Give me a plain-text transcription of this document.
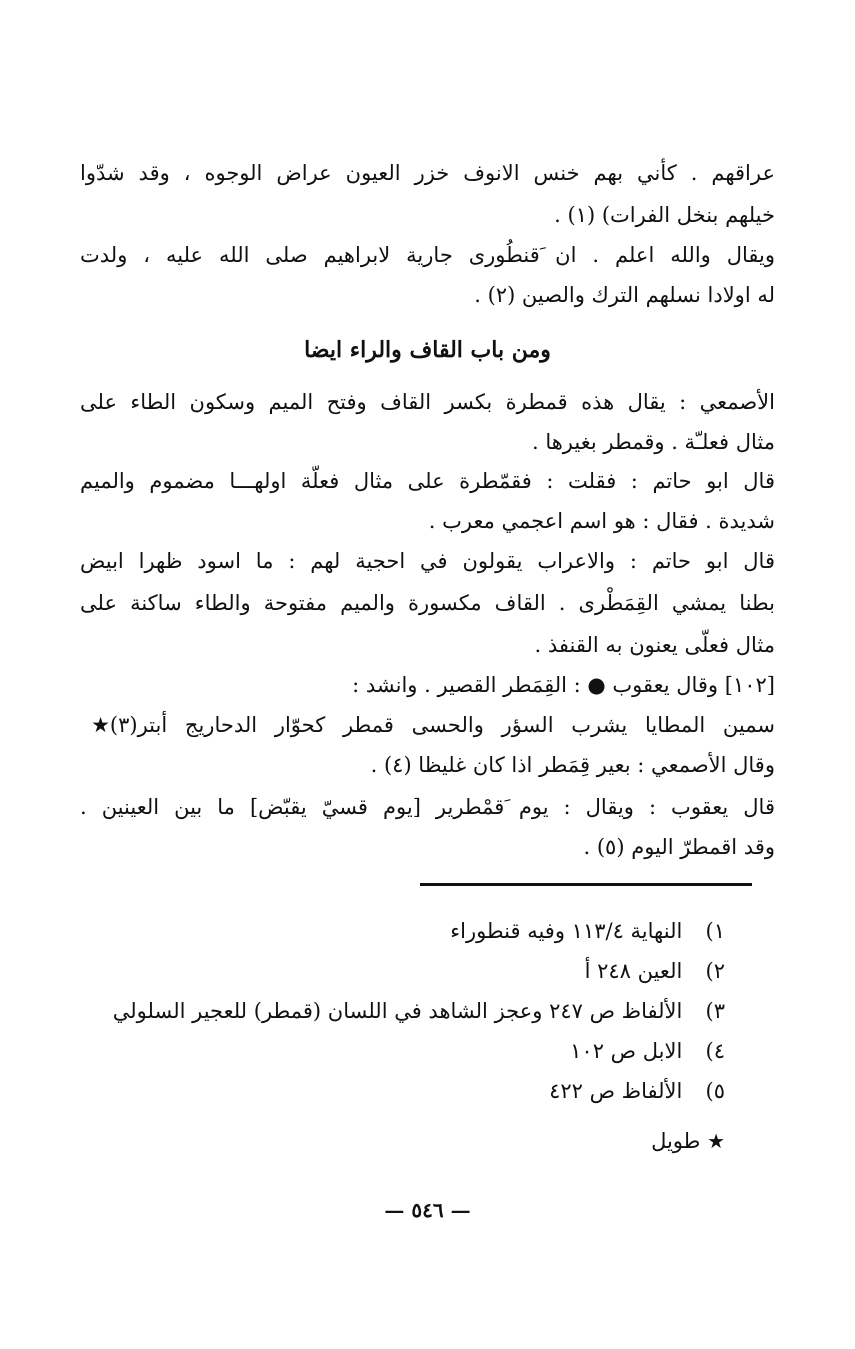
عراقهم . كأني بهم خنس الانوف خزر العيون عراض الوجوه ، وقد شدّوا
خيلهم بنخل الفرات) (١) .
ويقال والله اعلم . ان َقنطُورى جارية لابراهيم صلى الله عليه ، ولدت
له اولادا نسلهم الترك والصين (٢) .
ومن باب القاف والراء ايضا
الأصمعي : يقال هذه قمطرة بكسر القاف وفتح الميم وسكون الطاء على
مثال فعلـّة . وقمطر بغيرها .
قال ابو حاتم : فقلت : فقمّطرة على مثال فعلّة اولهـــا مضموم والميم
شديدة . فقال : هو اسم اعجمي معرب .
قال ابو حاتم : والاعراب يقولون في احجية لهم : ما اسود ظهرا ابيض
بطنا يمشي القِمَطْرى . القاف مكسورة والميم مفتوحة والطاء ساكنة على
مثال فعلّى يعنون به القنفذ .
[١٠٢] وقال يعقوب ● : القِمَطر القصير . وانشد :
سمين المطايا يشرب السؤر والحسى قمطر كحوّار الدحاريج أبتر(٣)★
وقال الأصمعي : بعير قِمَطر اذا كان غليظا (٤) .
قال يعقوب : ويقال : يوم َقمْطرير [يوم قسيّ يقبّض] ما بين العينين .
وقد اقمطرّ اليوم (٥) .
١) النهاية ١١٣/٤ وفيه قنطوراء
٢) العين ٢٤٨ أ
٣) الألفاظ ص ٢٤٧ وعجز الشاهد في اللسان (قمطر) للعجير السلولي
٤) الابل ص ١٠٢
٥) الألفاظ ص ٤٢٢
★ طويل
— ٥٤٦ —
